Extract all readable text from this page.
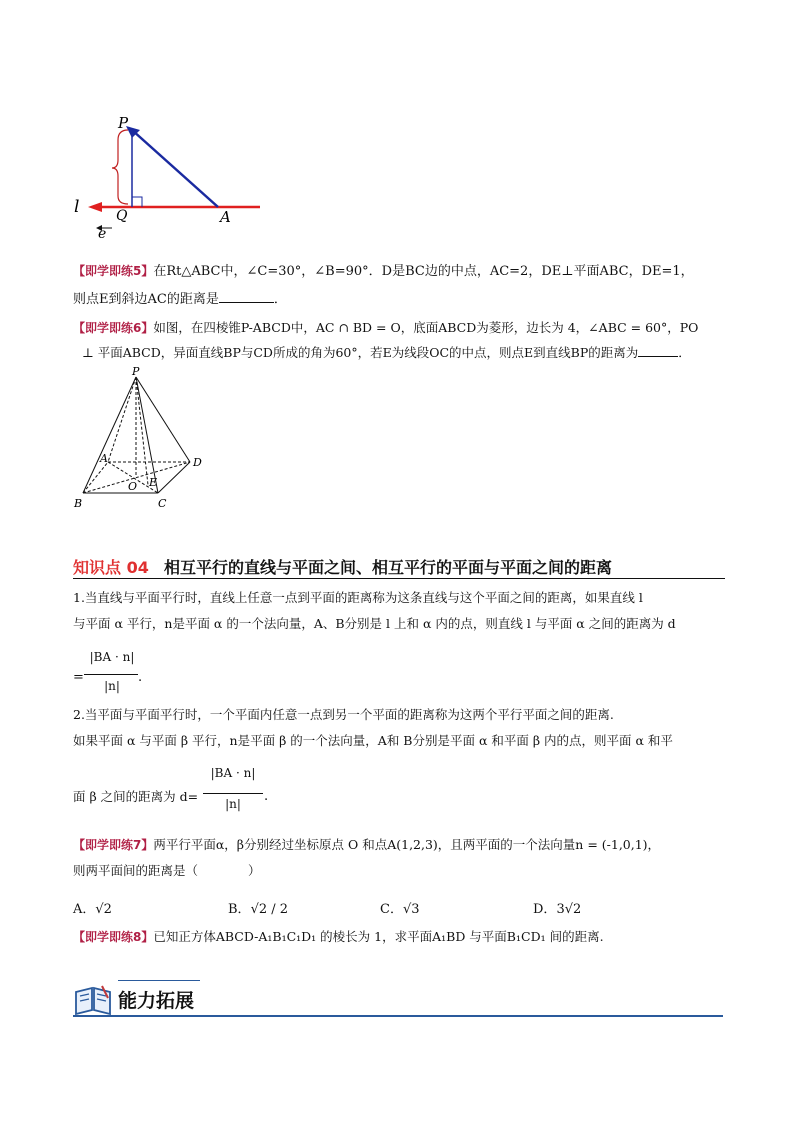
P
Q	A
l
e
【即学即练5】在Rt△ABC中，∠C=30°，∠B=90°．D是BC边的中点，AC=2，DE⊥平面ABC，DE=1，
则点E到斜边AC的距离是	．
【即学即练6】如图，在四棱锥P-ABCD中，AC ∩ BD = O，底面ABCD为菱形，边长为 4，∠ABC = 60°，PO
⊥ 平面ABCD，异面直线BP与CD所成的角为60°，若E为线段OC的中点，则点E到直线BP的距离为	．
P
A
B	C
D
O E
知识点 04 相互平行的直线与平面之间、相互平行的平面与平面之间的距离
1.当直线与平面平行时，直线上任意一点到平面的距离称为这条直线与这个平面之间的距离，如果直线 l
与平面 α 平行，n是平面 α 的一个法向量，A、B分别是 l 上和 α 内的点，则直线 l 与平面 α 之间的距离为 d
=
|BA · n|
|n|
.
2.当平面与平面平行时，一个平面内任意一点到另一个平面的距离称为这两个平行平面之间的距离.
如果平面 α 与平面 β 平行，n是平面 β 的一个法向量，A和 B分别是平面 α 和平面 β 内的点，则平面 α 和平
面 β 之间的距离为 d=
|BA · n|
|n|	.
【即学即练7】两平行平面α，β分别经过坐标原点 O 和点A(1,2,3)，且两平面的一个法向量n = (-1,0,1)，
则两平面间的距离是（　　　　）
A．√2	B．√2 / 2	C．√3	D．3√2
【即学即练8】已知正方体ABCD-A₁B₁C₁D₁ 的棱长为 1，求平面A₁BD 与平面B₁CD₁ 间的距离.
能力拓展
